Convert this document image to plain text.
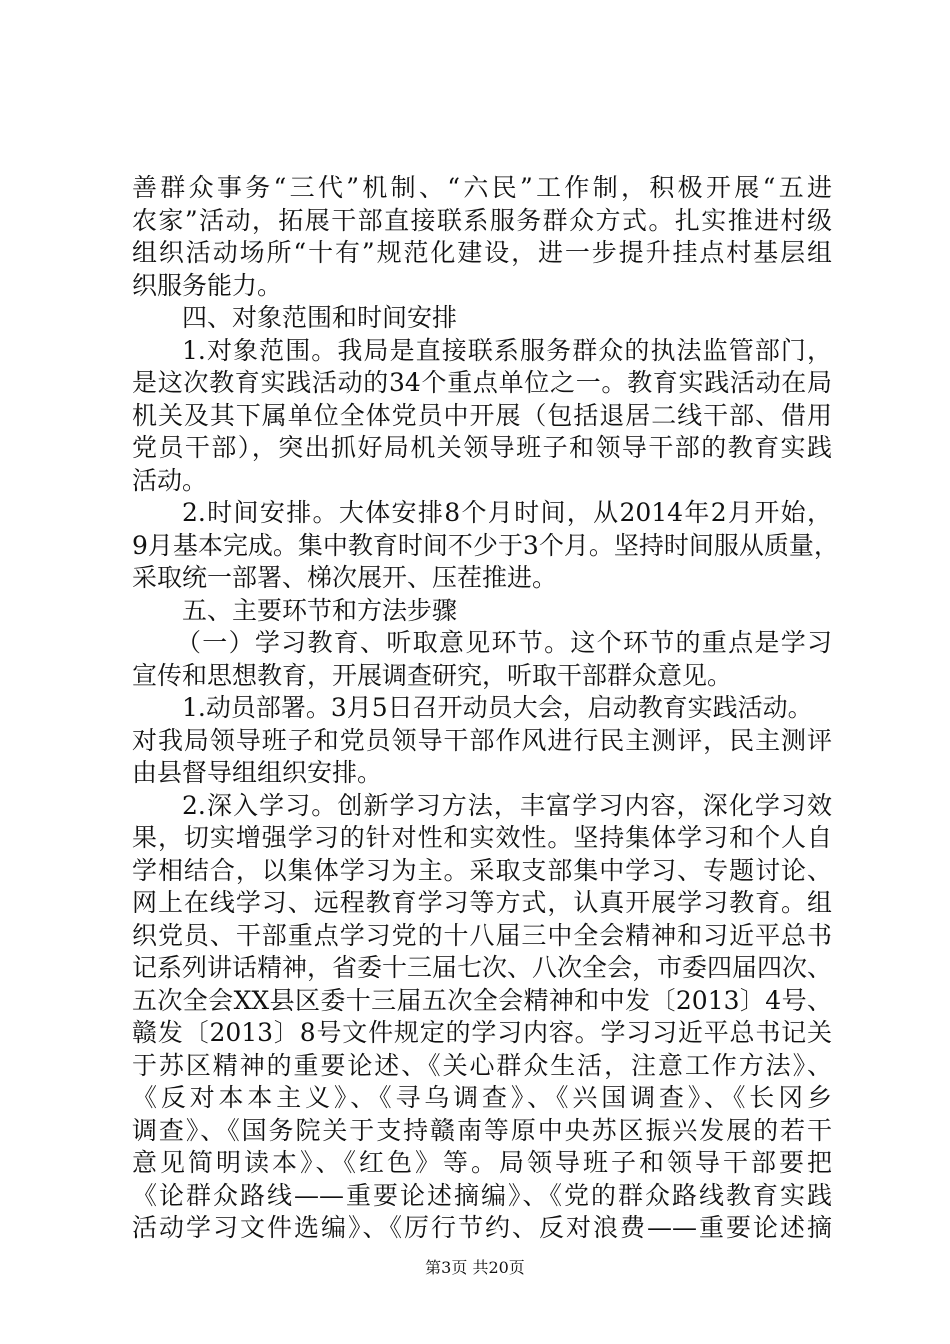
善群众事务“三代”机制、“六民”工作制，积极开展“五进
农家”活动，拓展干部直接联系服务群众方式。扎实推进村级
组织活动场所“十有”规范化建设，进一步提升挂点村基层组
织服务能力。
四、对象范围和时间安排
1.对象范围。我局是直接联系服务群众的执法监管部门，
是这次教育实践活动的34个重点单位之一。教育实践活动在局
机关及其下属单位全体党员中开展（包括退居二线干部、借用
党员干部），突出抓好局机关领导班子和领导干部的教育实践
活动。
2.时间安排。大体安排8个月时间，从2014年2月开始，
9月基本完成。集中教育时间不少于3个月。坚持时间服从质量，
采取统一部署、梯次展开、压茬推进。
五、主要环节和方法步骤
（一）学习教育、听取意见环节。这个环节的重点是学习
宣传和思想教育，开展调查研究，听取干部群众意见。
1.动员部署。3月5日召开动员大会，启动教育实践活动。
对我局领导班子和党员领导干部作风进行民主测评，民主测评
由县督导组组织安排。
2.深入学习。创新学习方法，丰富学习内容，深化学习效
果，切实增强学习的针对性和实效性。坚持集体学习和个人自
学相结合，以集体学习为主。采取支部集中学习、专题讨论、
网上在线学习、远程教育学习等方式，认真开展学习教育。组
织党员、干部重点学习党的十八届三中全会精神和习近平总书
记系列讲话精神，省委十三届七次、八次全会，市委四届四次、
五次全会XX县区委十三届五次全会精神和中发〔2013〕4号、
赣发〔2013〕8号文件规定的学习内容。学习习近平总书记关
于苏区精神的重要论述、《关心群众生活，注意工作方法》、
《反对本本主义》、《寻乌调查》、《兴国调查》、《长冈乡
调查》、《国务院关于支持赣南等原中央苏区振兴发展的若干
意见简明读本》、《红色》等。局领导班子和领导干部要把
《论群众路线——重要论述摘编》、《党的群众路线教育实践
活动学习文件选编》、《厉行节约、反对浪费——重要论述摘
第3页 共20页
